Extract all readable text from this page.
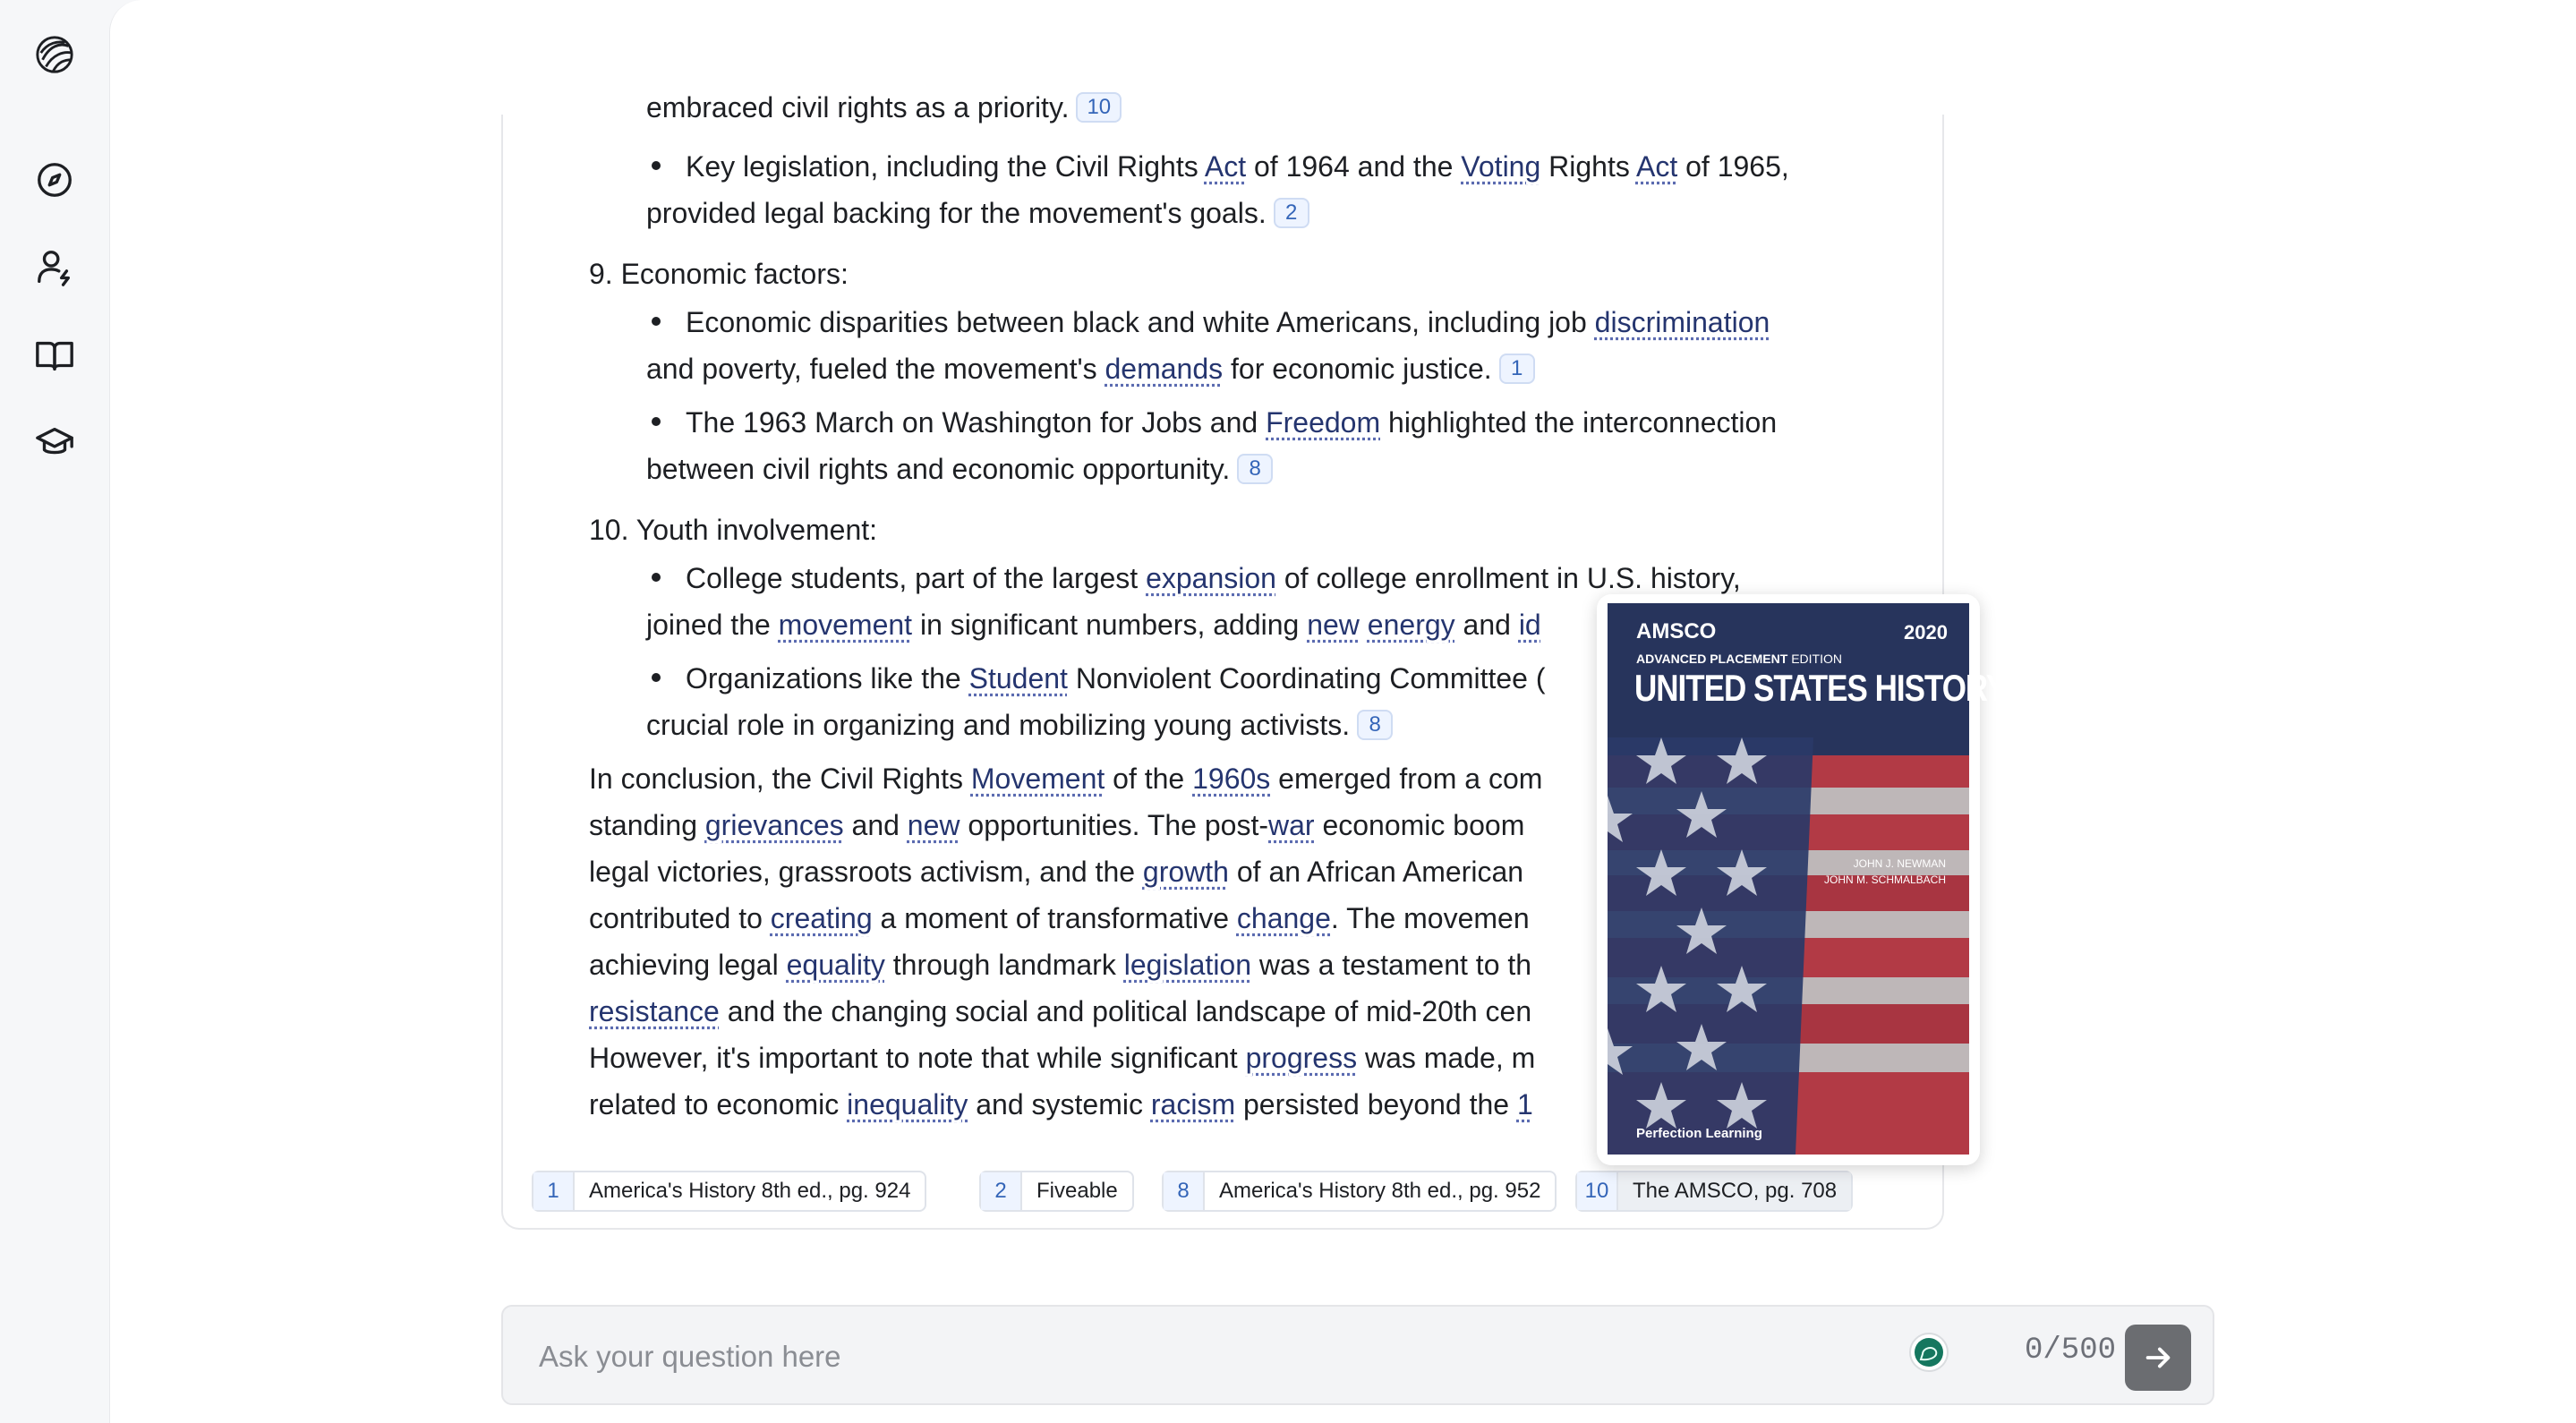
embraced civil rights as a priority. 10
Key legislation, including the Civil Rights Act of 1964 and the Voting Rights Act of 1965,
provided legal backing for the movement's goals. 2
9. Economic factors:
Economic disparities between black and white Americans, including job discrimination
and poverty, fueled the movement's demands for economic justice. 1
The 1963 March on Washington for Jobs and Freedom highlighted the interconnection
between civil rights and economic opportunity. 8
10. Youth involvement:
College students, part of the largest expansion of college enrollment in U.S. history,
joined the movement in significant numbers, adding new energy and id
Organizations like the Student Nonviolent Coordinating Committee (
crucial role in organizing and mobilizing young activists. 8
In conclusion, the Civil Rights Movement of the 1960s emerged from a com
standing grievances and new opportunities. The post-war economic boom
legal victories, grassroots activism, and the growth of an African American
contributed to creating a moment of transformative change. The movemen
achieving legal equality through landmark legislation was a testament to th
resistance and the changing social and political landscape of mid-20th cen
However, it's important to note that while significant progress was made, m
related to economic inequality and systemic racism persisted beyond the 1
1	America's History 8th ed., pg. 924	2	Fiveable	8	America's History 8th ed., pg. 952	10	The AMSCO, pg. 708
AMSCO	2020
ADVANCED PLACEMENT EDITION
UNITED STATES HISTORY
JOHN J. NEWMAN
JOHN M. SCHMALBACH
Perfection Learning
Ask your question here
0/500
